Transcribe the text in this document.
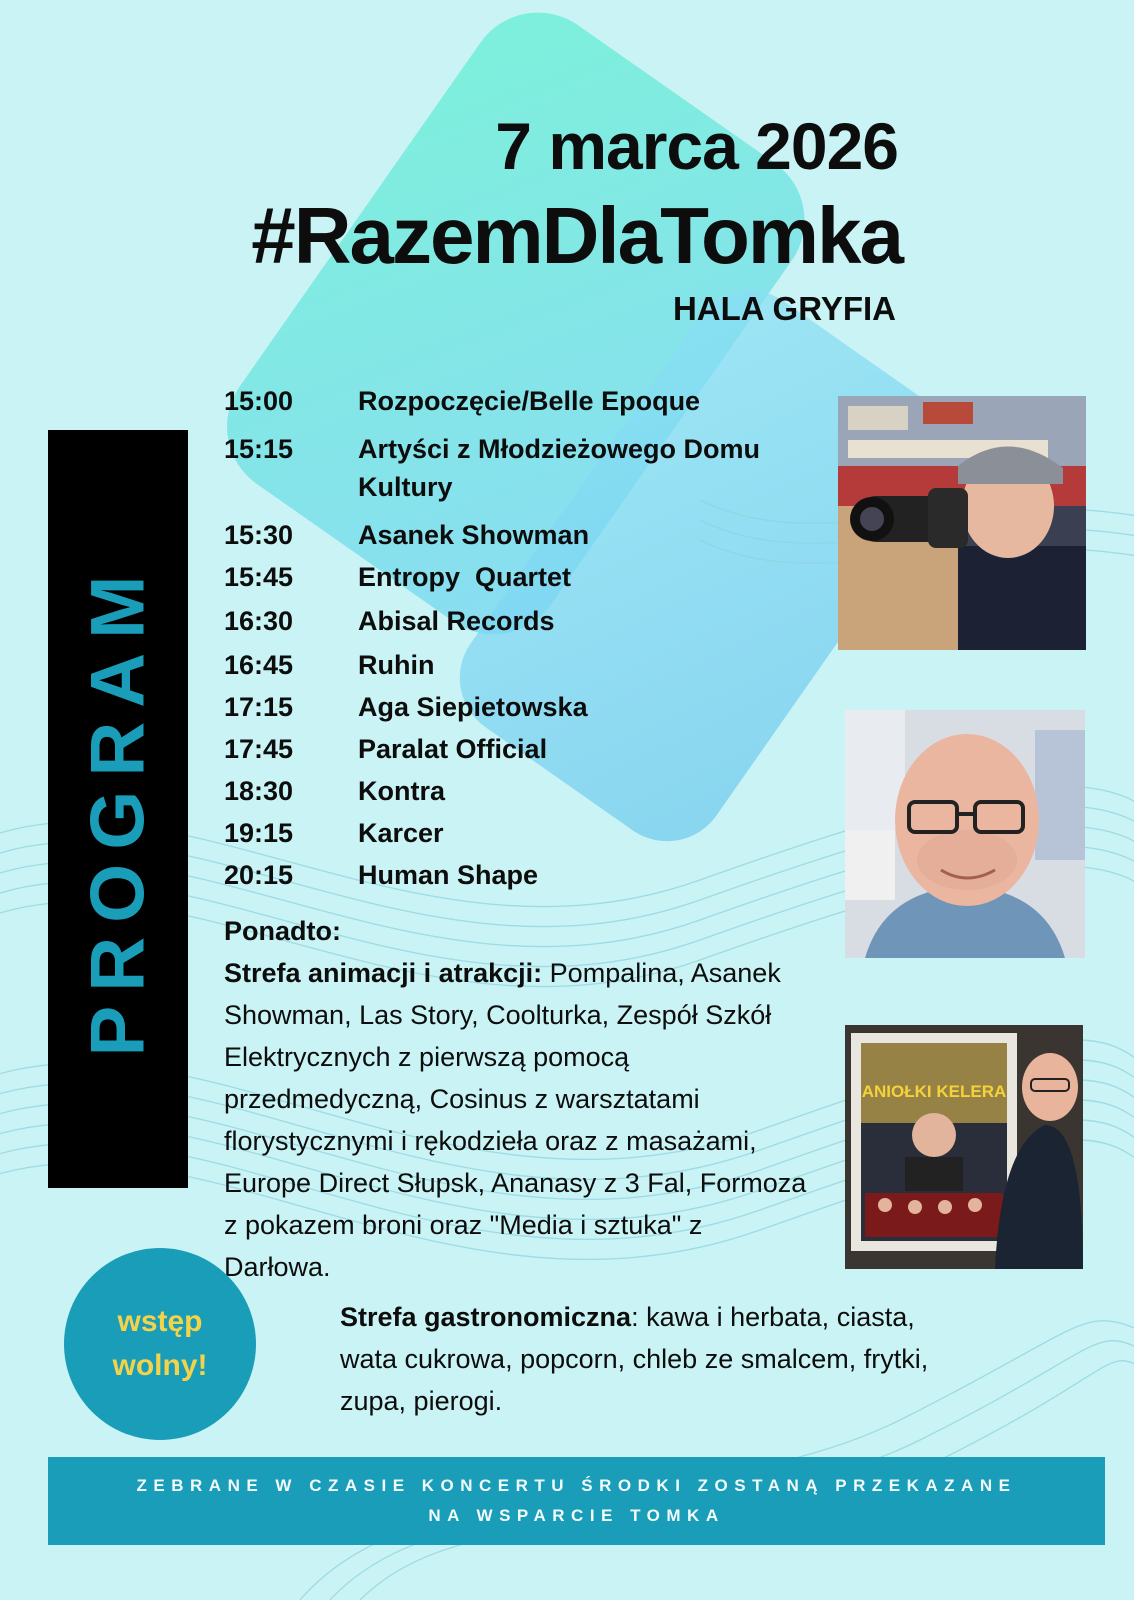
7 marca 2026
#RazemDlaTomka
HALA GRYFIA
PROGRAM
15:00	Rozpoczęcie/Belle Epoque
15:15	Artyści z Młodzieżowego Domu Kultury
15:30	Asanek Showman
15:45	Entropy  Quartet
16:30	Abisal Records
16:45	Ruhin
17:15	Aga Siepietowska
17:45	Paralat Official
18:30	Kontra
19:15	Karcer
20:15	Human Shape
Ponadto:
Strefa animacji i atrakcji: Pompalina, Asanek Showman, Las Story, Coolturka, Zespół Szkół Elektrycznych z pierwszą pomocą przedmedyczną, Cosinus z warsztatami florystycznymi i rękodzieła oraz z masażami, Europe Direct Słupsk, Ananasy z 3 Fal, Formoza z pokazem broni oraz "Media i sztuka" z Darłowa.
Strefa gastronomiczna: kawa i herbata, ciasta, wata cukrowa, popcorn, chleb ze smalcem, frytki, zupa, pierogi.
wstęp
wolny!
ANIOŁKI KELERA
ZEBRANE W CZASIE KONCERTU ŚRODKI ZOSTANĄ PRZEKAZANE
NA WSPARCIE TOMKA
